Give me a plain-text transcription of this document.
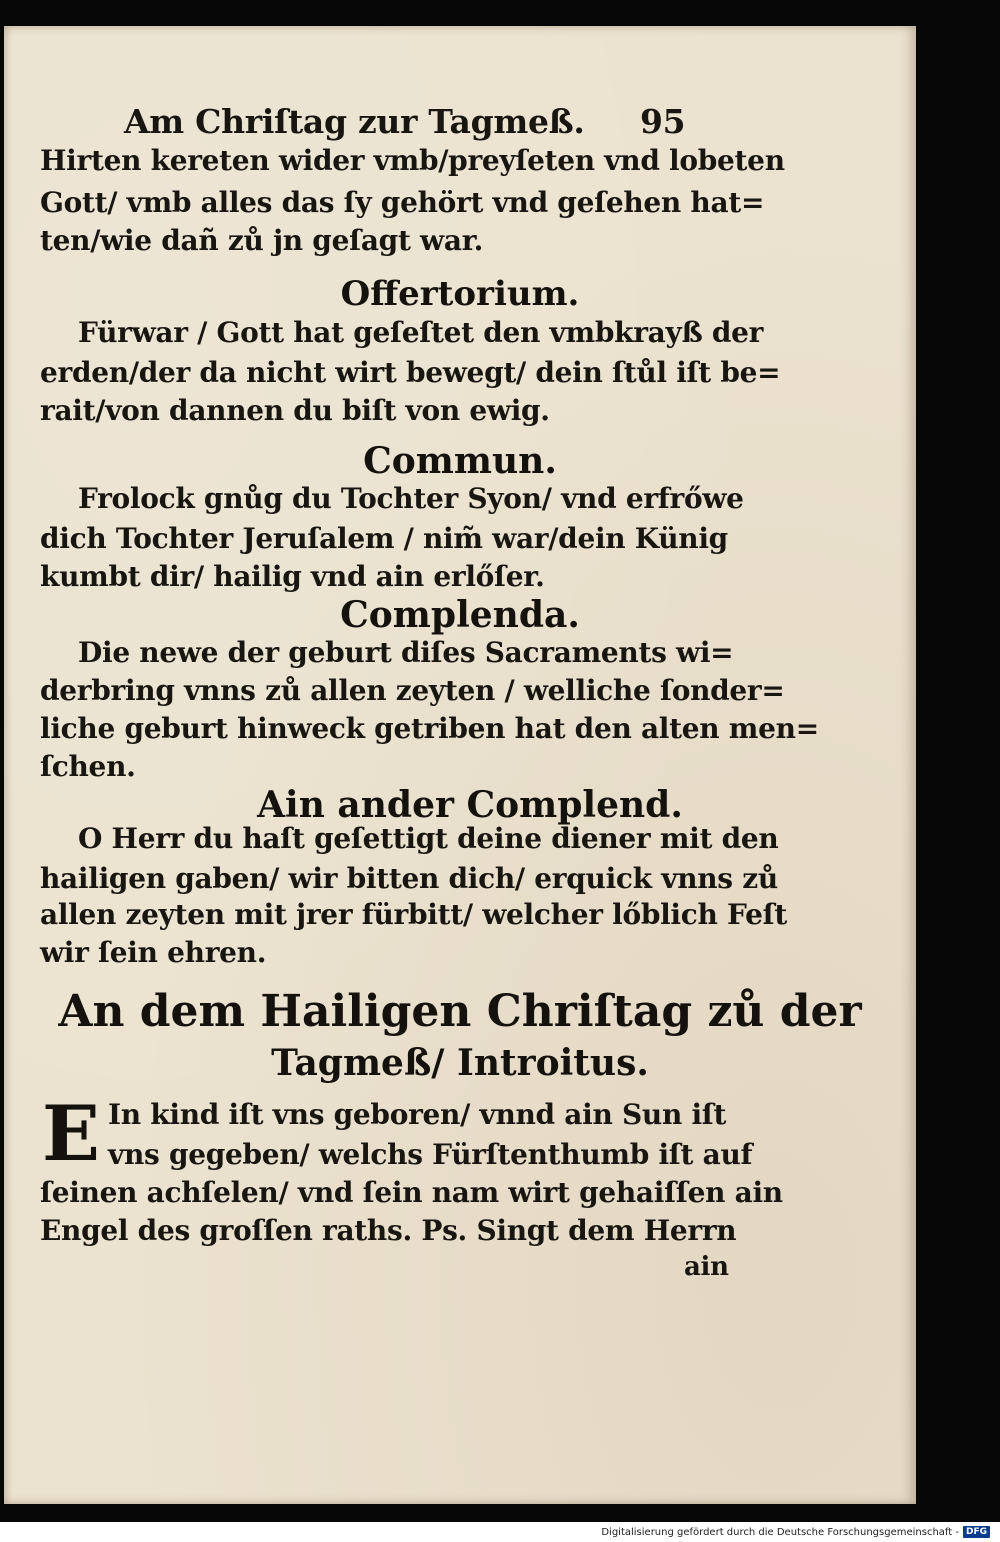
Am Chriſtag zur Tagmeß. 95
Hirten kereten wider vmb/preyſeten vnd lobeten
Gott/ vmb alles das ſy gehört vnd geſehen hat=
ten/wie dañ zů jn geſagt war.
Offertorium.
Fürwar / Gott hat geſeſtet den vmbkrayß der
erden/der da nicht wirt bewegt/ dein ſtůl iſt be=
rait/von dannen du biſt von ewig.
Commun.
Frolock gnůg du Tochter Syon/ vnd erfrőwe
dich Tochter Jeruſalem / nim̃ war/dein Künig
kumbt dir/ hailig vnd ain erlőſer.
Complenda.
Die newe der geburt diſes Sacraments wi=
derbring vnns zů allen zeyten / welliche ſonder=
liche geburt hinweck getriben hat den alten men=
ſchen.
Ain ander Complend.
O Herr du haſt geſettigt deine diener mit den
hailigen gaben/ wir bitten dich/ erquick vnns zů
allen zeyten mit jrer fürbitt/ welcher lőblich Feſt
wir ſein ehren.
An dem Hailigen Chriſtag zů der
Tagmeß/ Introitus.
E In kind iſt vns geboren/ vnnd ain Sun iſt
vns gegeben/ welchs Fürſtenthumb iſt auf
ſeinen achſelen/ vnd ſein nam wirt gehaiſſen ain
Engel des groſſen raths. Ps. Singt dem Herrn
ain
Digitalisierung gefördert durch die Deutsche Forschungsgemeinschaft - DFG
